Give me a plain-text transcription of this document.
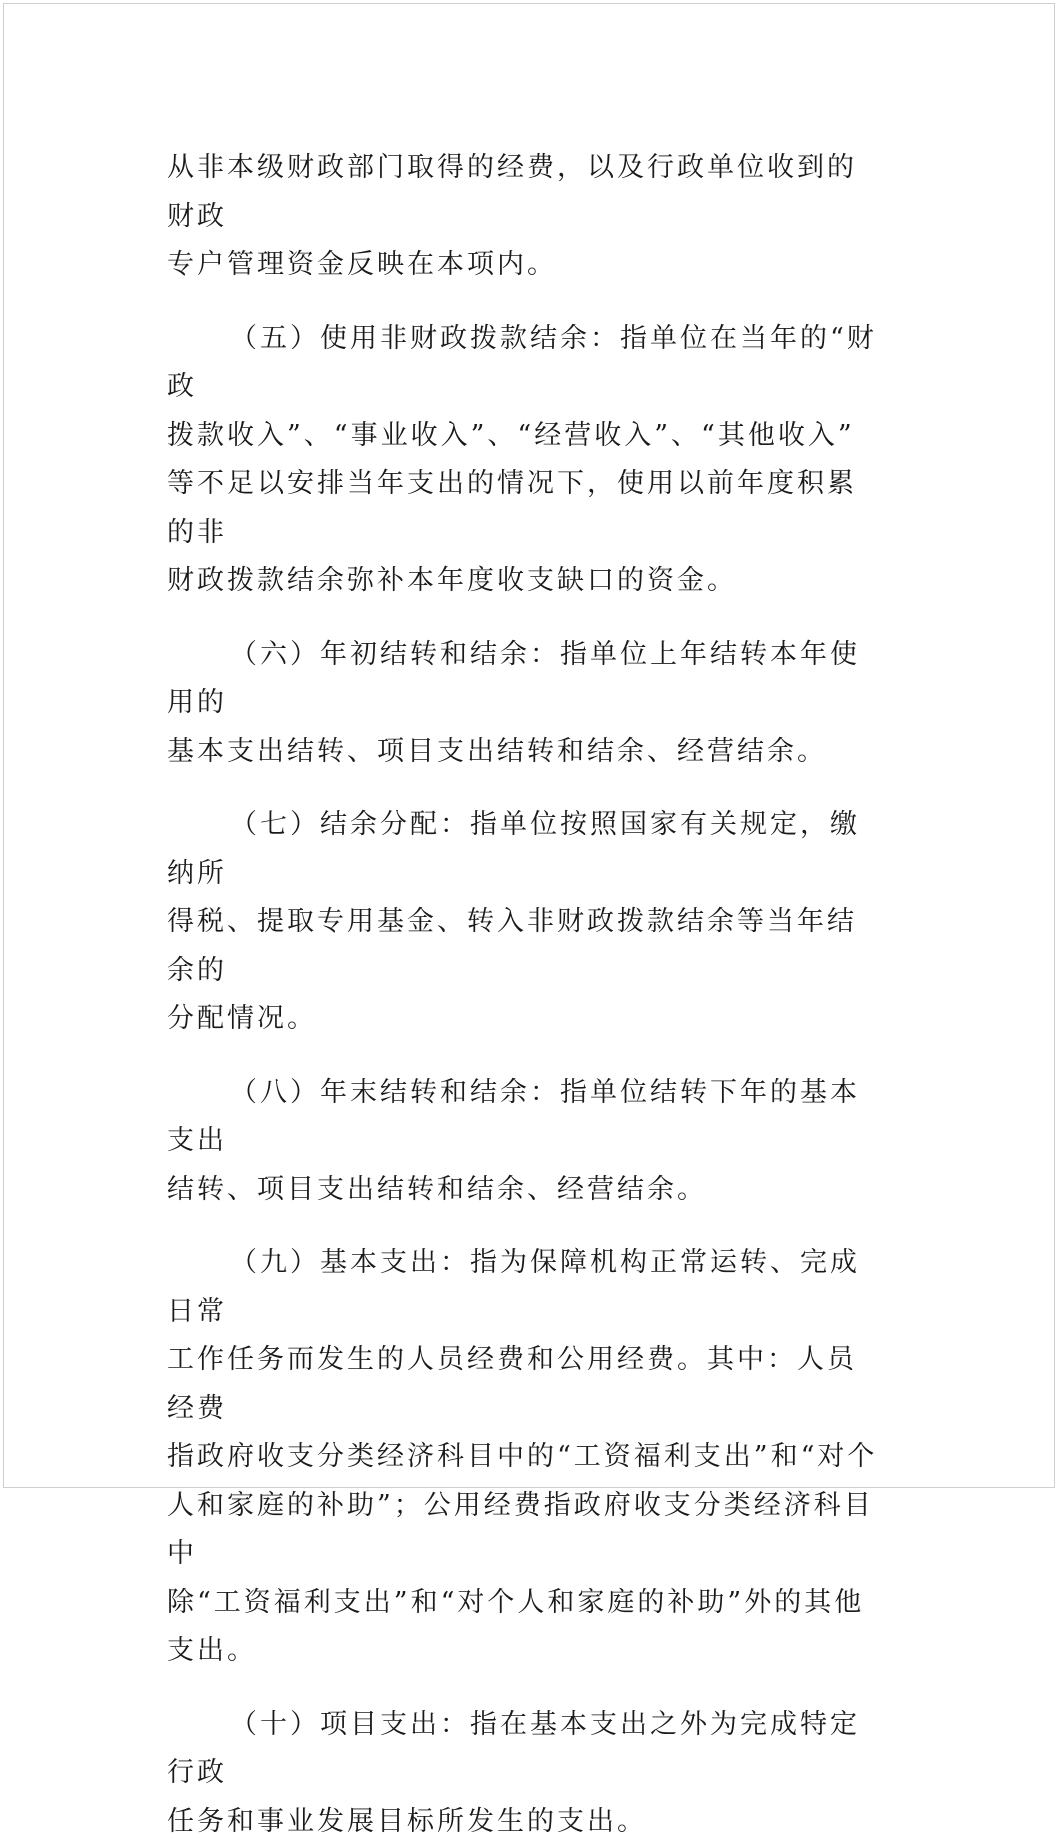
从非本级财政部门取得的经费，以及行政单位收到的财政
专户管理资金反映在本项内。

（五）使用非财政拨款结余：指单位在当年的“财政
拨款收入”、“事业收入”、“经营收入”、“其他收入”
等不足以安排当年支出的情况下，使用以前年度积累的非
财政拨款结余弥补本年度收支缺口的资金。

（六）年初结转和结余：指单位上年结转本年使用的
基本支出结转、项目支出结转和结余、经营结余。

（七）结余分配：指单位按照国家有关规定，缴纳所
得税、提取专用基金、转入非财政拨款结余等当年结余的
分配情况。

（八）年末结转和结余：指单位结转下年的基本支出
结转、项目支出结转和结余、经营结余。

（九）基本支出：指为保障机构正常运转、完成日常
工作任务而发生的人员经费和公用经费。其中：人员经费
指政府收支分类经济科目中的“工资福利支出”和“对个
人和家庭的补助”；公用经费指政府收支分类经济科目中
除“工资福利支出”和“对个人和家庭的补助”外的其他
支出。

（十）项目支出：指在基本支出之外为完成特定行政
任务和事业发展目标所发生的支出。
